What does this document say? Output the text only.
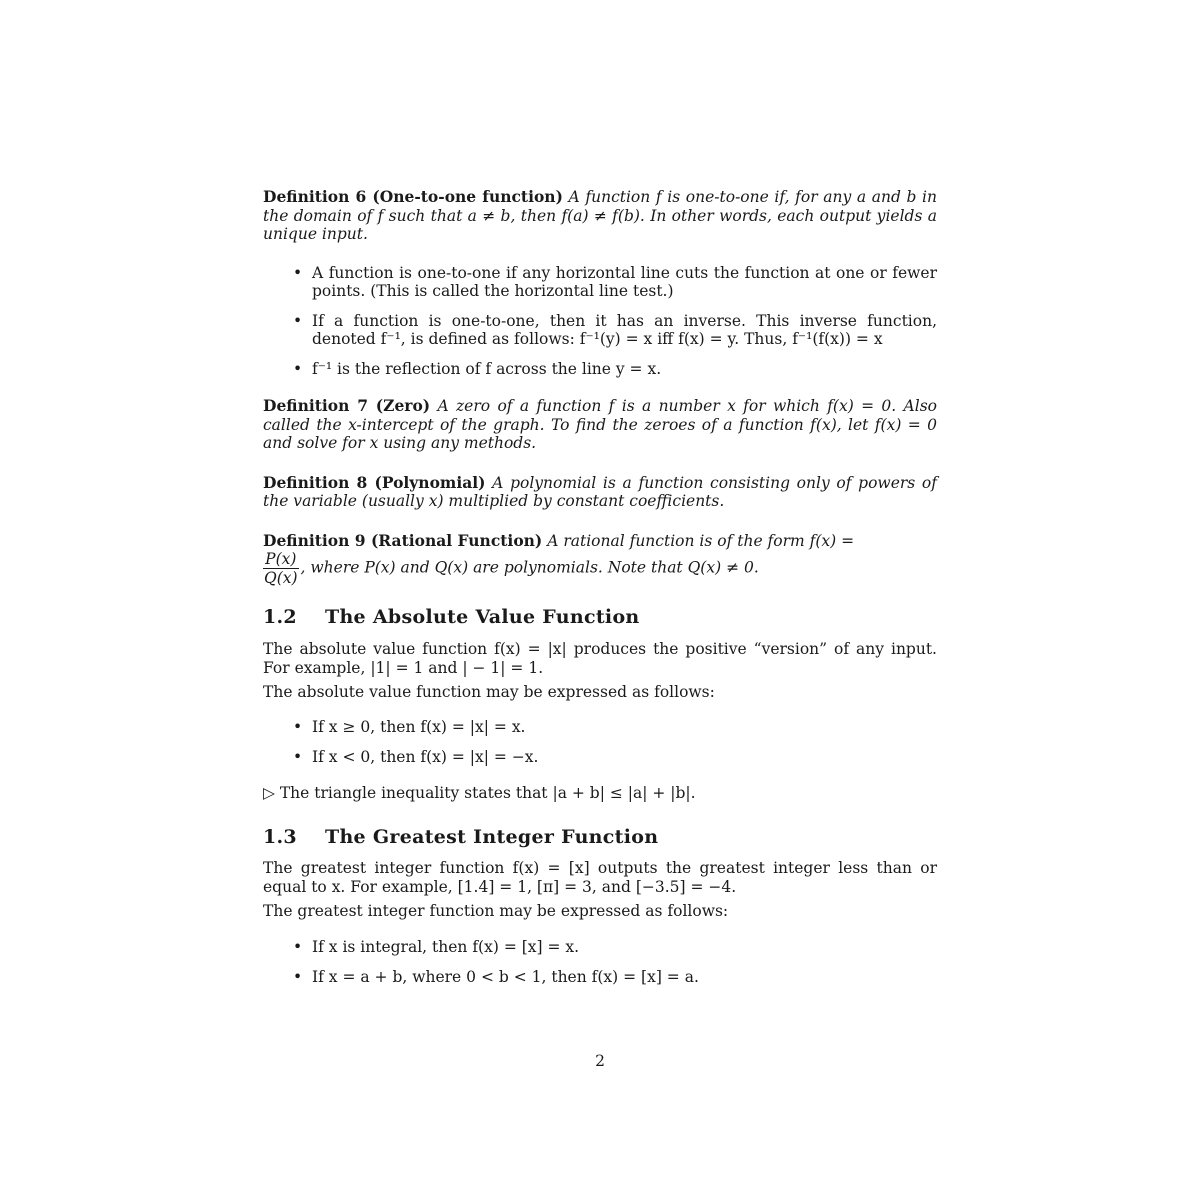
Definition 6 (One-to-one function) A function f is one-to-one if, for any a and b in the domain of f such that a ≠ b, then f(a) ≠ f(b). In other words, each output yields a unique input.

• A function is one-to-one if any horizontal line cuts the function at one or fewer points. (This is called the horizontal line test.)
• If a function is one-to-one, then it has an inverse. This inverse function, denoted f⁻¹, is defined as follows: f⁻¹(y) = x iff f(x) = y. Thus, f⁻¹(f(x)) = x
• f⁻¹ is the reflection of f across the line y = x.

Definition 7 (Zero) A zero of a function f is a number x for which f(x) = 0. Also called the x-intercept of the graph. To find the zeroes of a function f(x), let f(x) = 0 and solve for x using any methods.

Definition 8 (Polynomial) A polynomial is a function consisting only of powers of the variable (usually x) multiplied by constant coefficients.

Definition 9 (Rational Function) A rational function is of the form f(x) =

$\frac{P(x)}{Q(x)}$ , where P(x) and Q(x) are polynomials. Note that Q(x) ≠ 0.

1.2 The Absolute Value Function

The absolute value function f(x) = |x| produces the positive “version” of any input. For example, |1| = 1 and | − 1| = 1.

The absolute value function may be expressed as follows:

• If x ≥ 0, then f(x) = |x| = x.
• If x < 0, then f(x) = |x| = −x.

▷ The triangle inequality states that |a + b| ≤ |a| + |b|.

1.3 The Greatest Integer Function

The greatest integer function f(x) = [x] outputs the greatest integer less than or equal to x. For example, [1.4] = 1, [π] = 3, and [−3.5] = −4.

The greatest integer function may be expressed as follows:

• If x is integral, then f(x) = [x] = x.
• If x = a + b, where 0 < b < 1, then f(x) = [x] = a.
2
